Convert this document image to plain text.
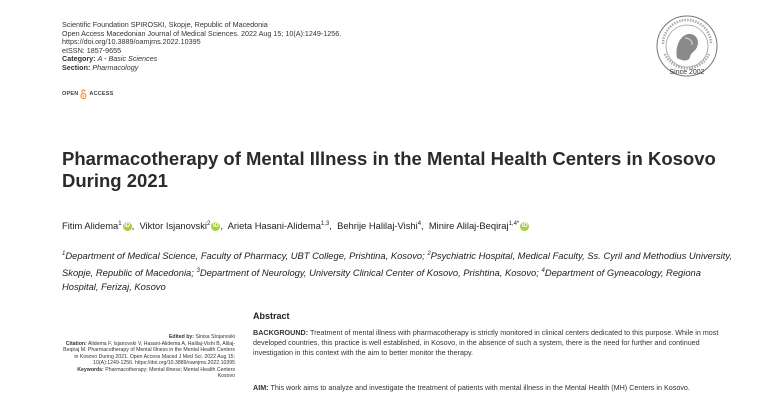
Scientific Foundation SPIROSKI, Skopje, Republic of Macedonia
Open Access Macedonian Journal of Medical Sciences. 2022 Aug 15; 10(A):1249-1256.
https://doi.org/10.3889/oamjms.2022.10395
eISSN: 1857-9655
Category: A - Basic Sciences
Section: Pharmacology
OPEN ACCESS
Since 2002
Pharmacotherapy of Mental Illness in the Mental Health Centers in Kosovo During 2021
Fitim Alidema$^1$ iD ,  Viktor Isjanovski$^2$ iD ,  Arieta Hasani-Alidema$^{1,3}$,  Behrije Halilaj-Vishi$^4$,  Minire Alilaj-Beqiraj$^{1,4*}$ iD
$^1$Department of Medical Science, Faculty of Pharmacy, UBT College, Prishtina, Kosovo; $^2$Psychiatric Hospital, Medical Faculty, Ss. Cyril and Methodius University, Skopje, Republic of Macedonia; $^3$Department of Neurology, University Clinical Center of Kosovo, Prishtina, Kosovo; $^4$Department of Gyneacology, Regiona Hospital, Ferizaj, Kosovo
Edited by: Sinisa Stojanoski
Citation: Alidema F, Isjanovski V, Hasani-Alidema A, Halilaj-Vishi B, Alilaj-Beqiraj M. Pharmacotherapy of Mental Illness in the Mental Health Centers in Kosovo During 2021. Open Access Maced J Med Sci. 2022 Aug 15; 10(A):1249-1256. https://doi.org/10.3889/oamjms.2022.10395
Keywords: Pharmacotherapy; Mental illness; Mental Health Centers Kosovo
Abstract
BACKGROUND: Treatment of mental illness with pharmacotherapy is strictly monitored in clinical centers dedicated to this purpose. While in most developed countries, this practice is well established, in Kosovo, in the absence of such a system, there is the need for further and continued investigation in this context with the aim to better monitor the therapy.
AIM: This work aims to analyze and investigate the treatment of patients with mental illness in the Mental Health (MH) Centers in Kosovo.
